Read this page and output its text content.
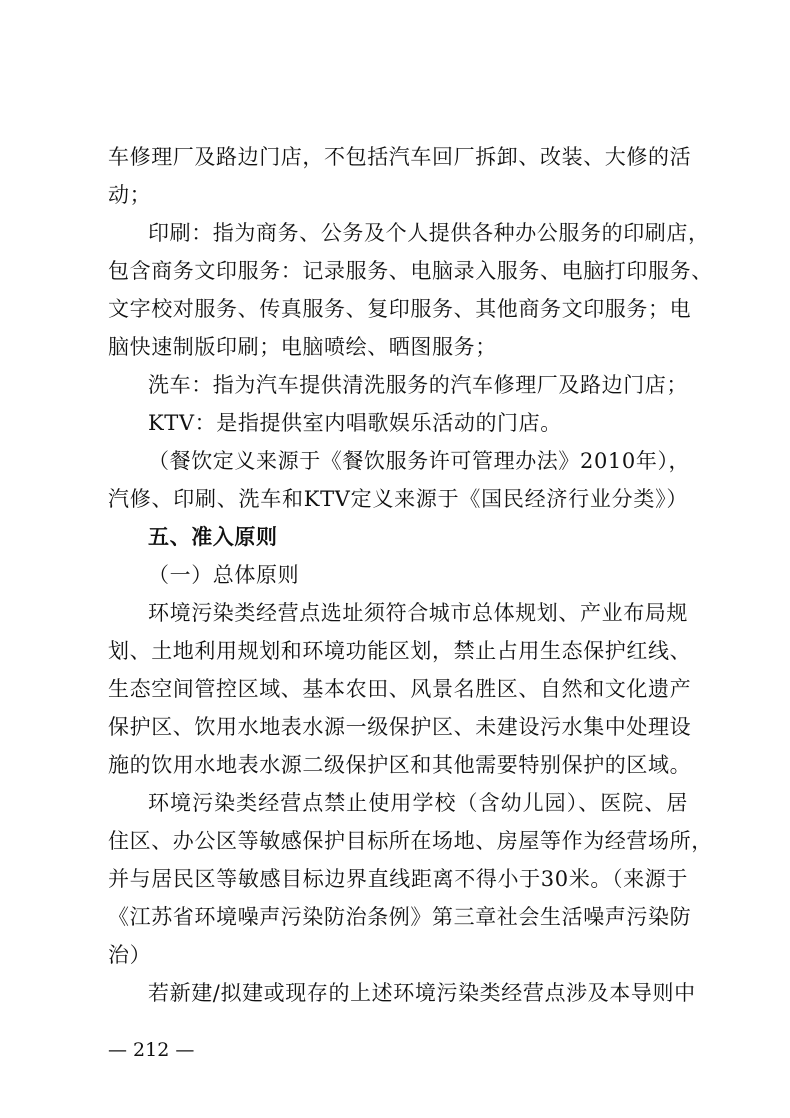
车修理厂及路边门店，不包括汽车回厂拆卸、改装、大修的活
动；
印刷：指为商务、公务及个人提供各种办公服务的印刷店，
包含商务文印服务：记录服务、电脑录入服务、电脑打印服务、
文字校对服务、传真服务、复印服务、其他商务文印服务；电
脑快速制版印刷；电脑喷绘、晒图服务；
洗车：指为汽车提供清洗服务的汽车修理厂及路边门店；
KTV：是指提供室内唱歌娱乐活动的门店。
（餐饮定义来源于《餐饮服务许可管理办法》2010年），
汽修、印刷、洗车和KTV定义来源于《国民经济行业分类》）
五、准入原则
（一）总体原则
环境污染类经营点选址须符合城市总体规划、产业布局规
划、土地利用规划和环境功能区划，禁止占用生态保护红线、
生态空间管控区域、基本农田、风景名胜区、自然和文化遗产
保护区、饮用水地表水源一级保护区、未建设污水集中处理设
施的饮用水地表水源二级保护区和其他需要特别保护的区域。
环境污染类经营点禁止使用学校（含幼儿园）、医院、居
住区、办公区等敏感保护目标所在场地、房屋等作为经营场所，
并与居民区等敏感目标边界直线距离不得小于30米。（来源于
《江苏省环境噪声污染防治条例》第三章社会生活噪声污染防
治）
若新建/拟建或现存的上述环境污染类经营点涉及本导则中
— 212 —
